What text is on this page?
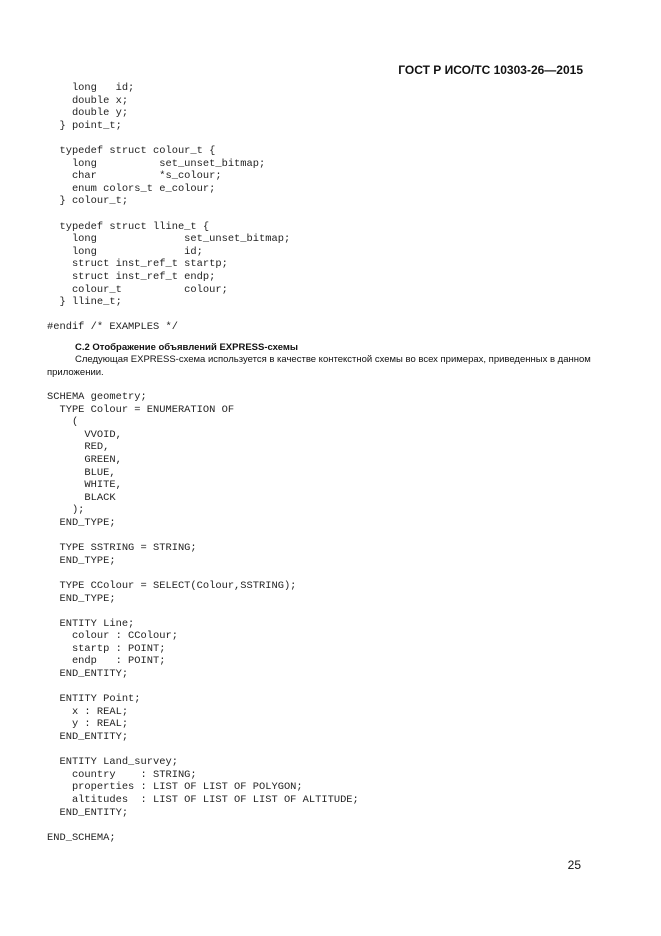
ГОСТ Р ИСО/ТС 10303-26—2015
long   id;
double x;
double y;
} point_t;

typedef struct colour_t {
long          set_unset_bitmap;
char          *s_colour;
enum colors_t e_colour;
} colour_t;

typedef struct lline_t {
long              set_unset_bitmap;
long              id;
struct inst_ref_t startp;
struct inst_ref_t endp;
colour_t          colour;
} lline_t;

#endif /* EXAMPLES */
C.2 Отображение объявлений EXPRESS-схемы

Следующая EXPRESS-схема используется в качестве контекстной схемы во всех примерах, приведенных в данном приложении.

SCHEMA geometry;
TYPE Colour = ENUMERATION OF
(
VVOID,
RED,
GREEN,
BLUE,
WHITE,
BLACK
);
END_TYPE;

TYPE SSTRING = STRING;
END_TYPE;

TYPE CColour = SELECT(Colour,SSTRING);
END_TYPE;

ENTITY Line;
colour : CColour;
startp : POINT;
endp   : POINT;
END_ENTITY;

ENTITY Point;
x : REAL;
y : REAL;
END_ENTITY;

ENTITY Land_survey;
country    : STRING;
properties : LIST OF LIST OF POLYGON;
altitudes  : LIST OF LIST OF LIST OF ALTITUDE;
END_ENTITY;

END_SCHEMA;
25
